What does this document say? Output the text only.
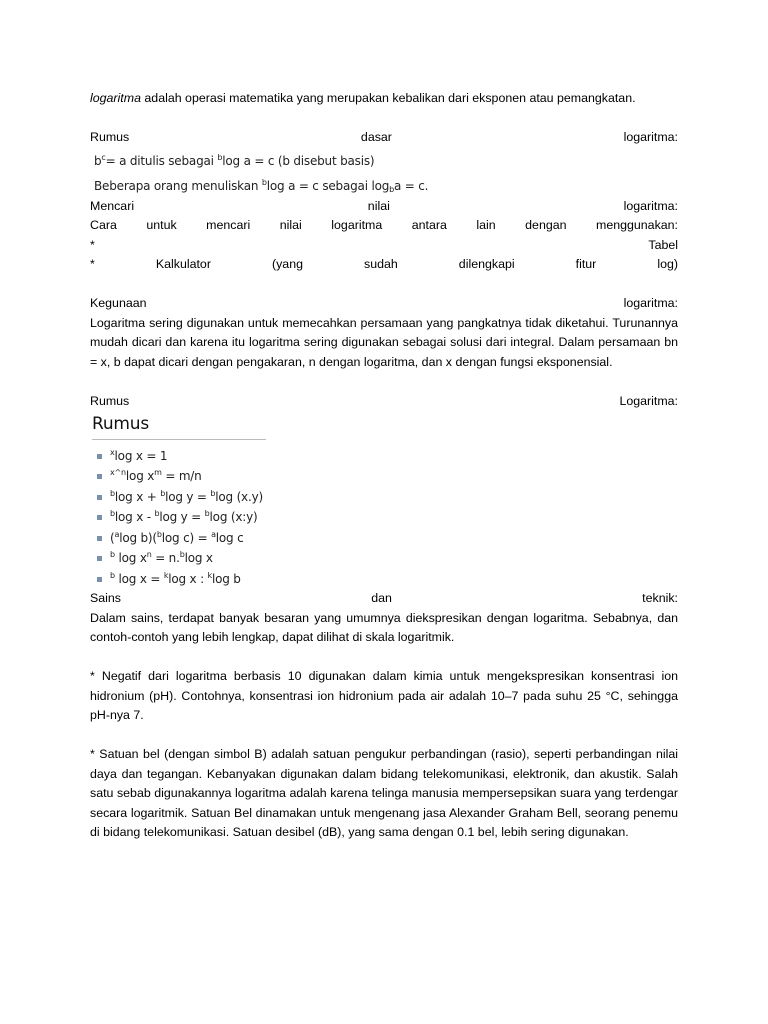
logaritma adalah operasi matematika yang merupakan kebalikan dari eksponen atau pemangkatan.

Rumus dasar logaritma:

$b^c= a$ ditulis sebagai $^b$log a = c (b disebut basis)

Beberapa orang menuliskan $^b$log a = c sebagai $\log_ba = c$.

Mencari nilai logaritma:

Cara untuk mencari nilai logaritma antara lain dengan menggunakan:

* Tabel

* Kalkulator (yang sudah dilengkapi fitur log)

Kegunaan logaritma:

Logaritma sering digunakan untuk memecahkan persamaan yang pangkatnya tidak diketahui. Turunannya mudah dicari dan karena itu logaritma sering digunakan sebagai solusi dari integral. Dalam persamaan bn = x, b dapat dicari dengan pengakaran, n dengan logaritma, dan x dengan fungsi eksponensial.

Rumus Logaritma:

Rumus
$^x$log x = 1
$^{x\^{}n}$log $x^m = m/n$
$^b$log x + $^b$log y = $^b$log (x.y)
$^b$log x - $^b$log y = $^b$log (x:y)
($^a$log b)($^b$log c) = $^a$log c
$^b$ $\log x^n = n.^b\log$ x
$^b$ log x = $^k$log x : $^k$log b

Sains dan teknik:

Dalam sains, terdapat banyak besaran yang umumnya diekspresikan dengan logaritma. Sebabnya, dan contoh-contoh yang lebih lengkap, dapat dilihat di skala logaritmik.

* Negatif dari logaritma berbasis 10 digunakan dalam kimia untuk mengekspresikan konsentrasi ion hidronium (pH). Contohnya, konsentrasi ion hidronium pada air adalah 10–7 pada suhu 25 °C, sehingga pH-nya 7.

* Satuan bel (dengan simbol B) adalah satuan pengukur perbandingan (rasio), seperti perbandingan nilai daya dan tegangan. Kebanyakan digunakan dalam bidang telekomunikasi, elektronik, dan akustik. Salah satu sebab digunakannya logaritma adalah karena telinga manusia mempersepsikan suara yang terdengar secara logaritmik. Satuan Bel dinamakan untuk mengenang jasa Alexander Graham Bell, seorang penemu di bidang telekomunikasi. Satuan desibel (dB), yang sama dengan 0.1 bel, lebih sering digunakan.
